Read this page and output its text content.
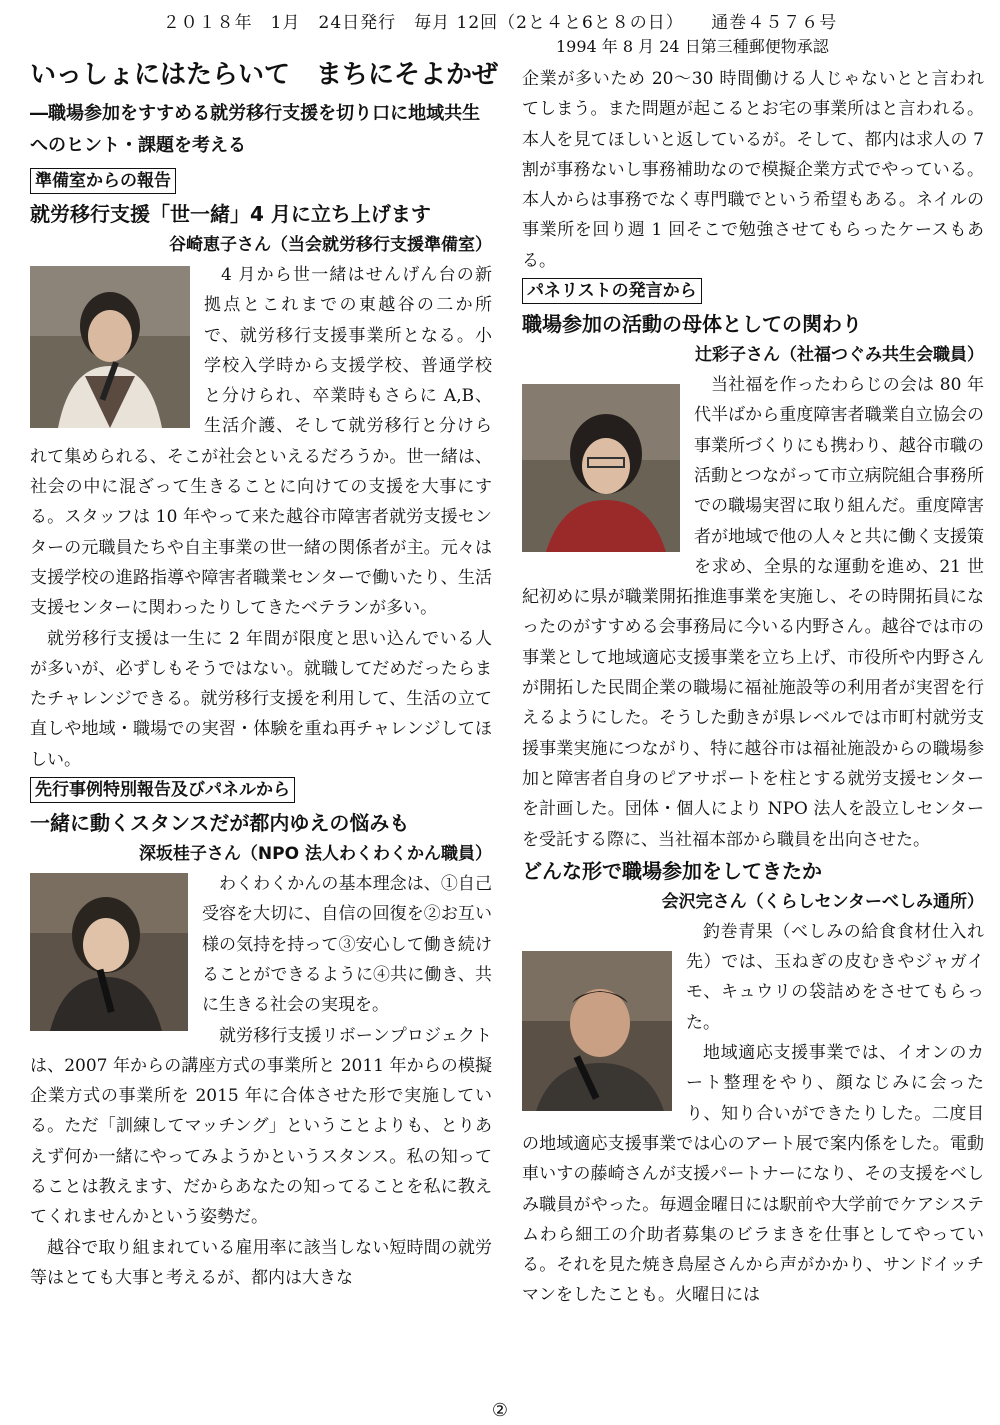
２０１８年　1月　24日発行　毎月 12回（2と４と6と８の日）　　通巻４５７６号
1994 年 8 月 24 日第三種郵便物承認
いっしょにはたらいて　まちにそよかぜ
―職場参加をすすめる就労移行支援を切り口に地域共生へのヒント・課題を考える
準備室からの報告
就労移行支援「世一緒」4 月に立ち上げます

谷崎恵子さん（当会就労移行支援準備室）

4 月から世一緒はせんげん台の新拠点とこれまでの東越谷の二か所で、就労移行支援事業所となる。小学校入学時から支援学校、普通学校と分けられ、卒業時もさらに A,B、生活介護、そして就労移行と分けられて集められる、そこが社会といえるだろうか。世一緒は、社会の中に混ざって生きることに向けての支援を大事にする。スタッフは 10 年やって来た越谷市障害者就労支援センターの元職員たちや自主事業の世一緒の関係者が主。元々は支援学校の進路指導や障害者職業センターで働いたり、生活支援センターに関わったりしてきたベテランが多い。

就労移行支援は一生に 2 年間が限度と思い込んでいる人が多いが、必ずしもそうではない。就職してだめだったらまたチャレンジできる。就労移行支援を利用して、生活の立て直しや地域・職場での実習・体験を重ね再チャレンジしてほしい。

先行事例特別報告及びパネルから
一緒に動くスタンスだが都内ゆえの悩みも

深坂桂子さん（NPO 法人わくわくかん職員）

わくわくかんの基本理念は、①自己受容を大切に、自信の回復を②お互い様の気持を持って③安心して働き続けることができるように④共に働き、共に生きる社会の実現を。

就労移行支援リボーンプロジェクトは、2007 年からの講座方式の事業所と 2011 年からの模擬企業方式の事業所を 2015 年に合体させた形で実施している。ただ「訓練してマッチング」ということよりも、とりあえず何か一緒にやってみようかというスタンス。私の知ってることは教えます、だからあなたの知ってることを私に教えてくれませんかという姿勢だ。

越谷で取り組まれている雇用率に該当しない短時間の就労等はとても大事と考えるが、都内は大きな

企業が多いため 20～30 時間働ける人じゃないとと言われてしまう。また問題が起こるとお宅の事業所はと言われる。本人を見てほしいと返しているが。そして、都内は求人の 7 割が事務ないし事務補助なので模擬企業方式でやっている。本人からは事務でなく専門職でという希望もある。ネイルの事業所を回り週 1 回そこで勉強させてもらったケースもある。

パネリストの発言から
職場参加の活動の母体としての関わり

辻彩子さん（社福つぐみ共生会職員）

当社福を作ったわらじの会は 80 年代半ばから重度障害者職業自立協会の事業所づくりにも携わり、越谷市職の活動とつながって市立病院組合事務所での職場実習に取り組んだ。重度障害者が地域で他の人々と共に働く支援策を求め、全県的な運動を進め、21 世紀初めに県が職業開拓推進事業を実施し、その時開拓員になったのがすすめる会事務局に今いる内野さん。越谷では市の事業として地域適応支援事業を立ち上げ、市役所や内野さんが開拓した民間企業の職場に福祉施設等の利用者が実習を行えるようにした。そうした動きが県レベルでは市町村就労支援事業実施につながり、特に越谷市は福祉施設からの職場参加と障害者自身のピアサポートを柱とする就労支援センターを計画した。団体・個人により NPO 法人を設立しセンターを受託する際に、当社福本部から職員を出向させた。

どんな形で職場参加をしてきたか

会沢完さん（くらしセンターべしみ通所）

釣巻青果（べしみの給食食材仕入れ先）では、玉ねぎの皮むきやジャガイモ、キュウリの袋詰めをさせてもらった。

地域適応支援事業では、イオンのカート整理をやり、顔なじみに会ったり、知り合いができたりした。二度目の地域適応支援事業では心のアート展で案内係をした。電動車いすの藤崎さんが支援パートナーになり、その支援をべしみ職員がやった。毎週金曜日には駅前や大学前でケアシステムわら細工の介助者募集のビラまきを仕事としてやっている。それを見た焼き鳥屋さんから声がかかり、サンドイッチマンをしたことも。火曜日には

②
